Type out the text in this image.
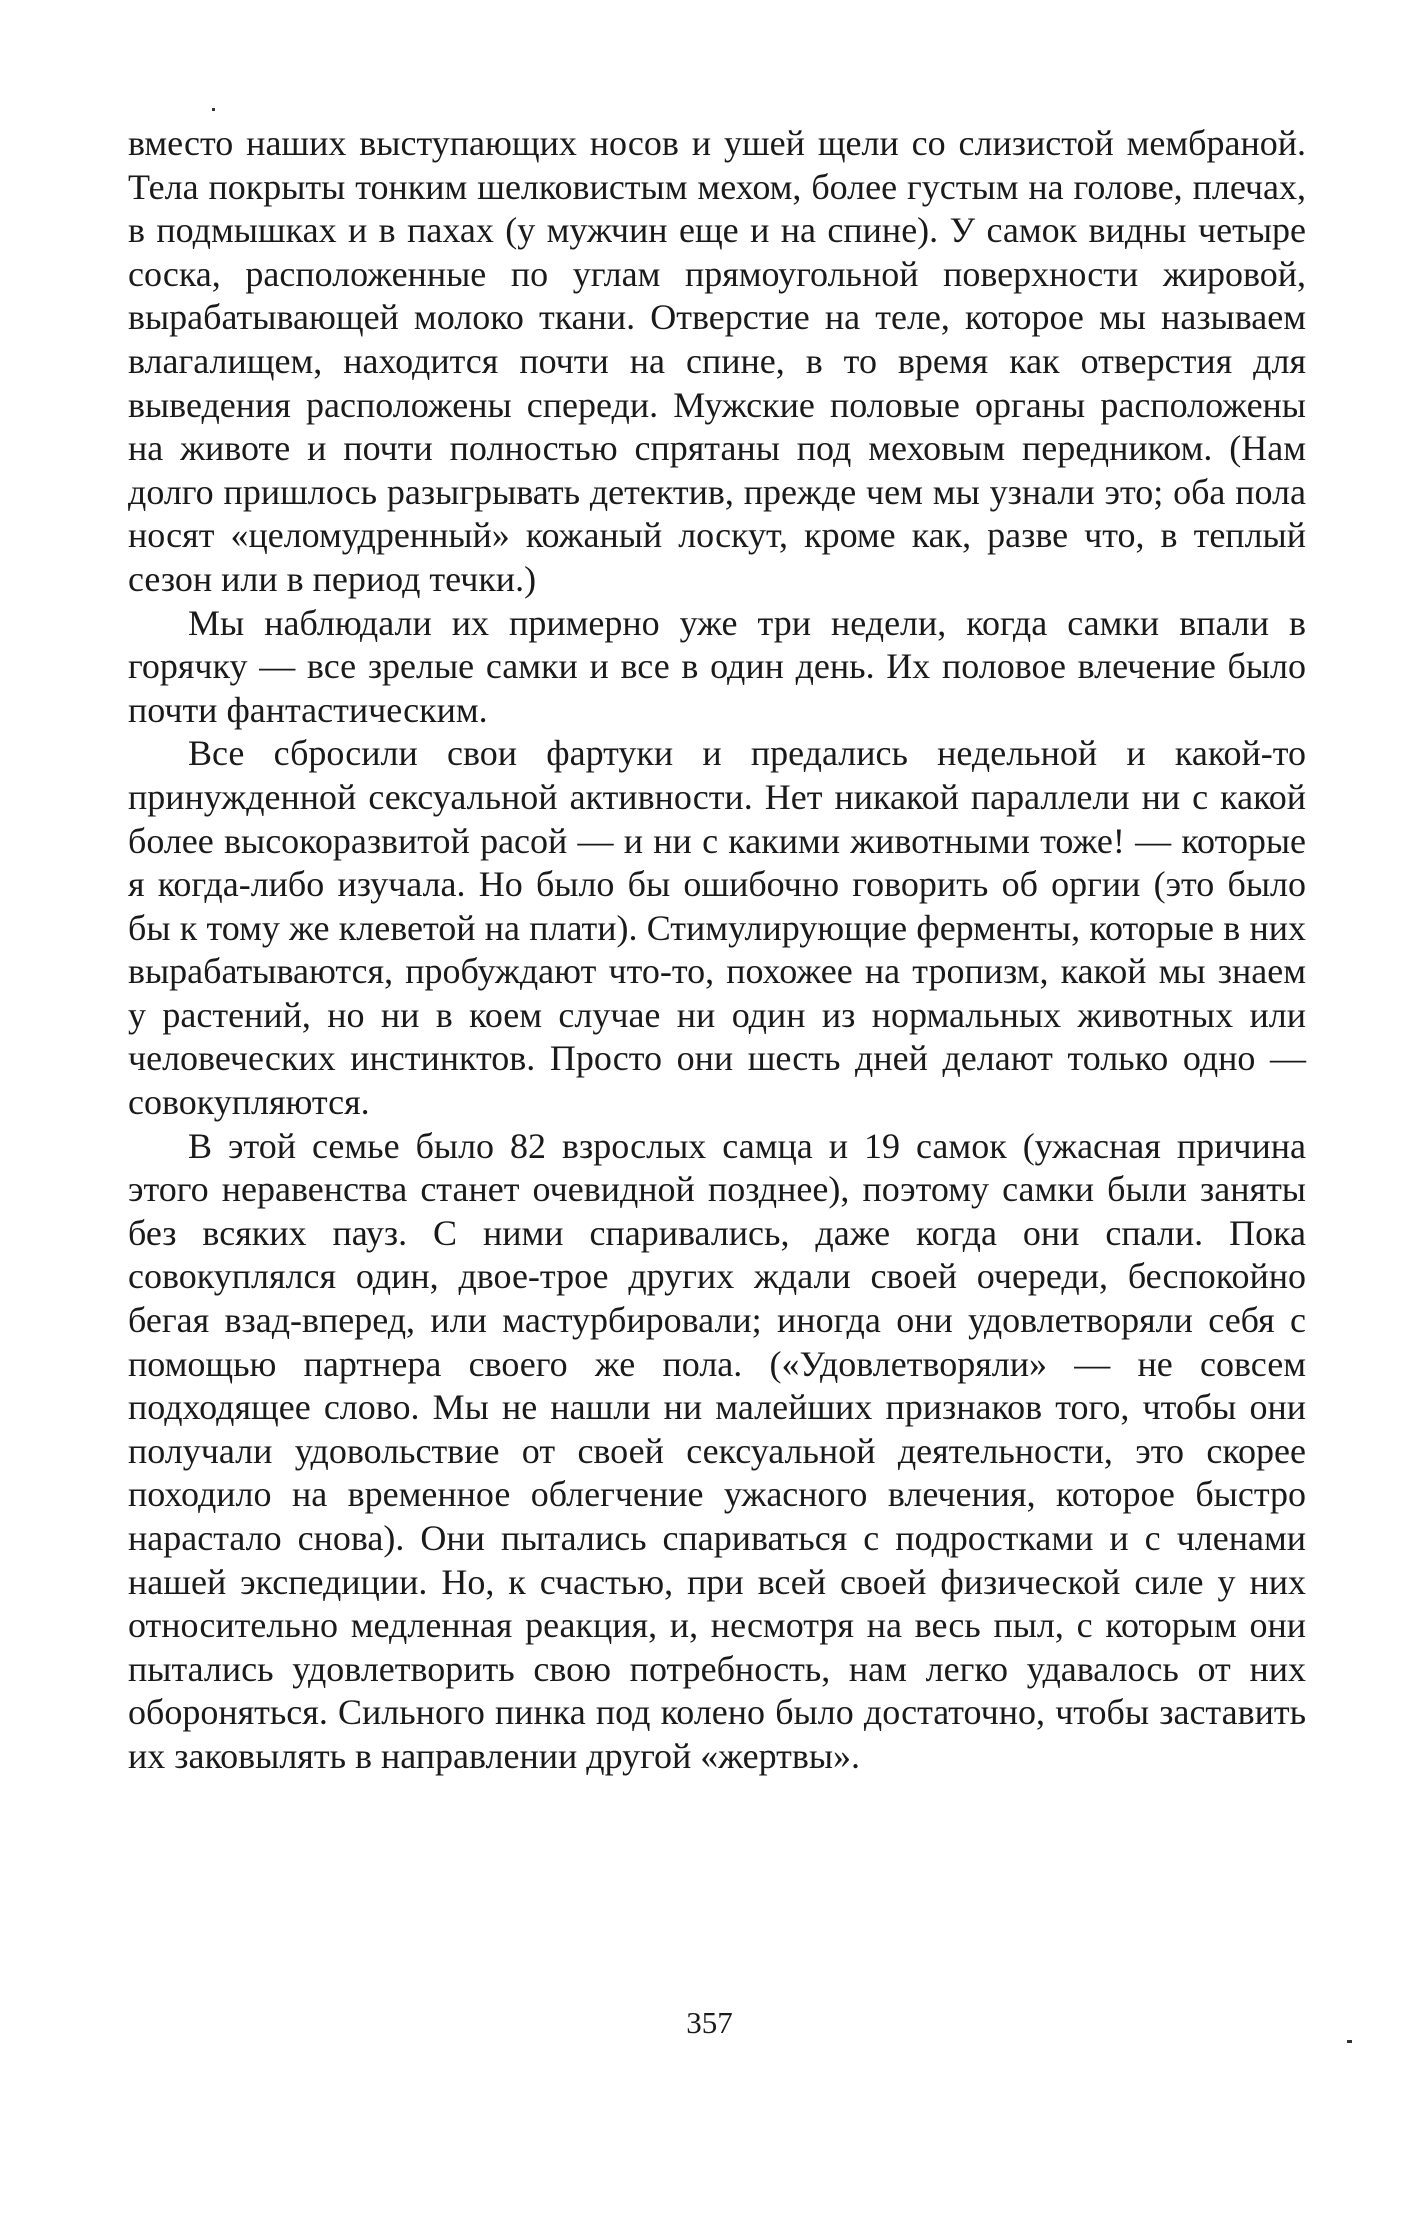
вместо наших выступающих носов и ушей щели со слизистой мембраной. Тела покрыты тонким шелковистым мехом, более густым на голове, плечах, в подмышках и в пахах (у мужчин еще и на спине). У самок видны четыре соска, расположенные по углам прямоугольной поверхности жировой, вырабатывающей молоко ткани. Отверстие на теле, которое мы называем влагалищем, находится почти на спине, в то время как отверстия для выведения расположены спереди. Мужские половые органы расположены на животе и почти полностью спрятаны под меховым передником. (Нам долго пришлось разыгрывать детектив, прежде чем мы узнали это; оба пола носят «целомудренный» кожаный лоскут, кроме как, разве что, в теплый сезон или в период течки.)

Мы наблюдали их примерно уже три недели, когда самки впали в горячку — все зрелые самки и все в один день. Их половое влечение было почти фантастическим.

Все сбросили свои фартуки и предались недельной и какой-то принужденной сексуальной активности. Нет никакой параллели ни с какой более высокоразвитой расой — и ни с какими животными тоже! — которые я когда-либо изучала. Но было бы ошибочно говорить об оргии (это было бы к тому же клеветой на плати). Стимулирующие ферменты, которые в них вырабатываются, пробуждают что-то, похожее на тропизм, какой мы знаем у растений, но ни в коем случае ни один из нормальных животных или человеческих инстинктов. Просто они шесть дней делают только одно — совокупляются.

В этой семье было 82 взрослых самца и 19 самок (ужасная причина этого неравенства станет очевидной позднее), поэтому самки были заняты без всяких пауз. С ними спаривались, даже когда они спали. Пока совокуплялся один, двое-трое других ждали своей очереди, беспокойно бегая взад-вперед, или мастурбировали; иногда они удовлетворяли себя с помощью партнера своего же пола. («Удовлетворяли» — не совсем подходящее слово. Мы не нашли ни малейших признаков того, чтобы они получали удовольствие от своей сексуальной деятельности, это скорее походило на временное облегчение ужасного влечения, которое быстро нарастало снова). Они пытались спариваться с подростками и с членами нашей экспедиции. Но, к счастью, при всей своей физической силе у них относительно медленная реакция, и, несмотря на весь пыл, с которым они пытались удовлетворить свою потребность, нам легко удавалось от них обороняться. Сильного пинка под колено было достаточно, чтобы заставить их заковылять в направлении другой «жертвы».

357
